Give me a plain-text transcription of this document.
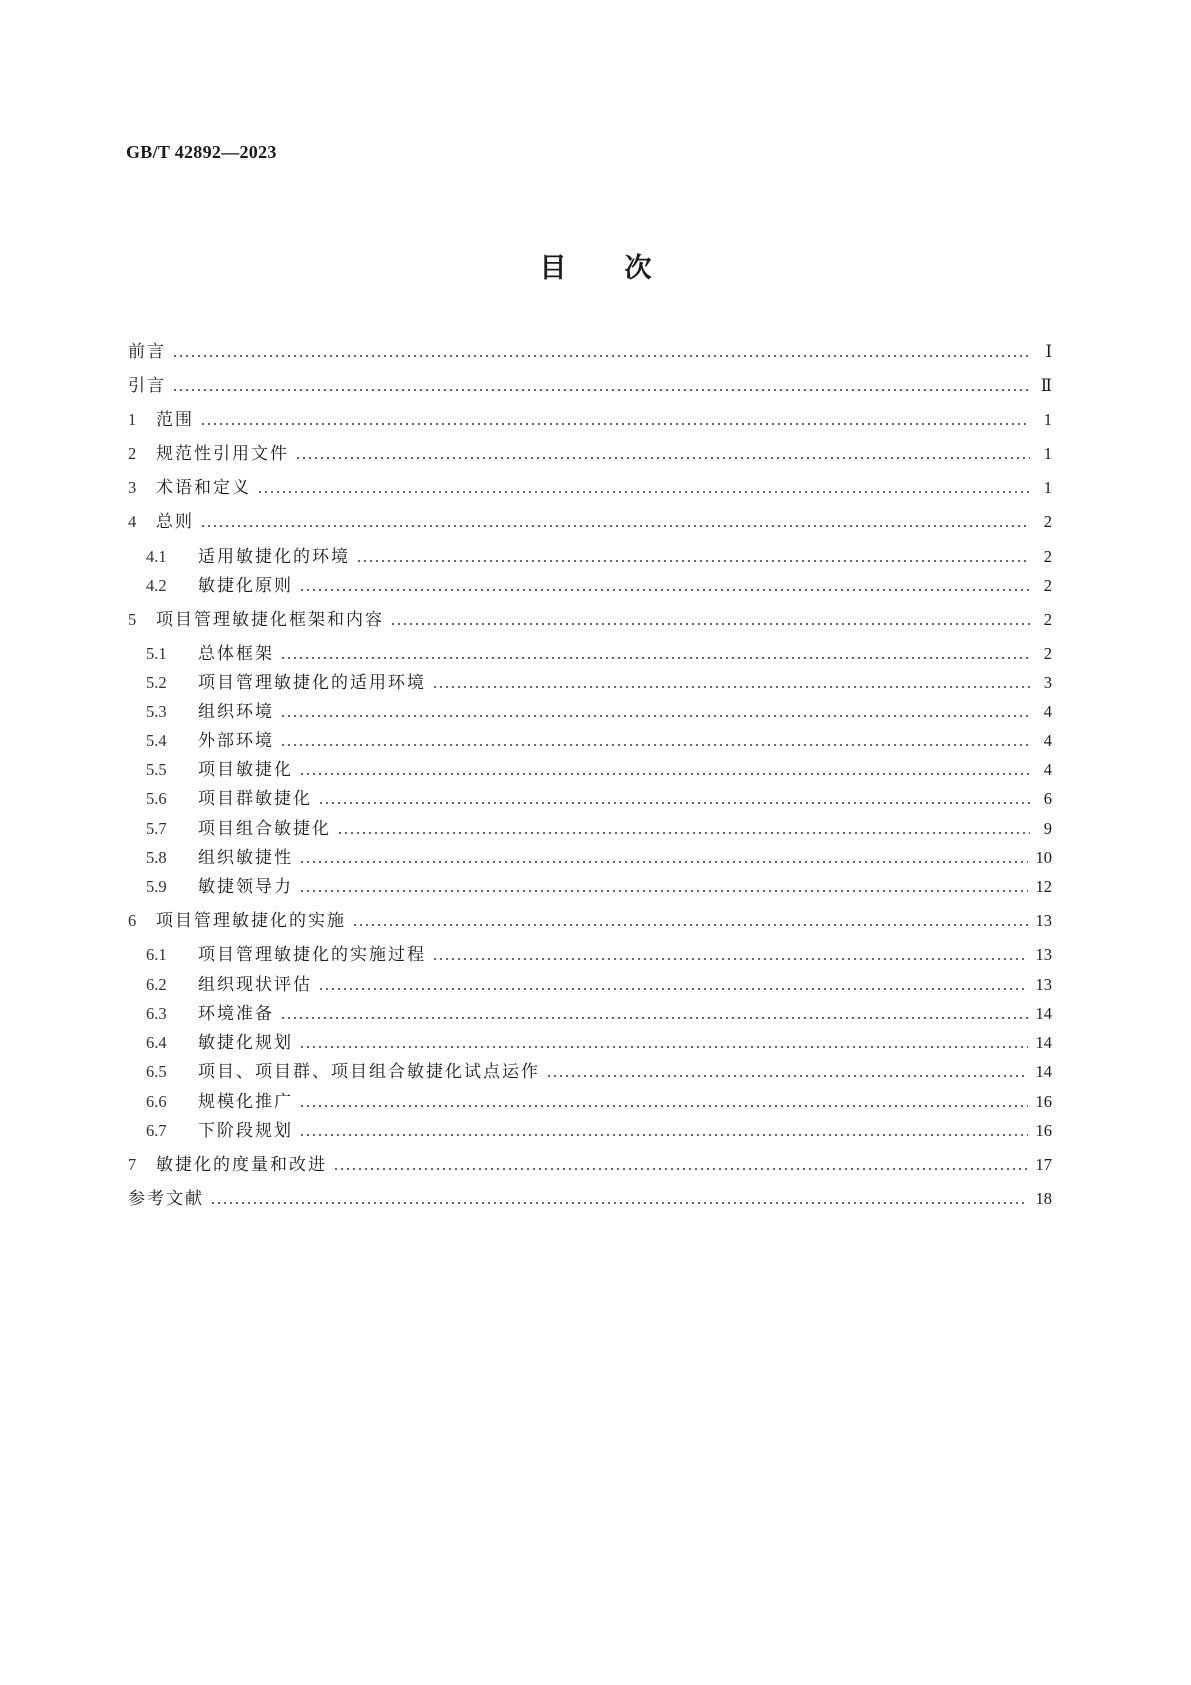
GB/T 42892—2023
目次
前言	Ⅰ
引言	Ⅱ
1	范围	1
2	规范性引用文件	1
3	术语和定义	1
4	总则	2
4.1	适用敏捷化的环境	2
4.2	敏捷化原则	2
5	项目管理敏捷化框架和内容	2
5.1	总体框架	2
5.2	项目管理敏捷化的适用环境	3
5.3	组织环境	4
5.4	外部环境	4
5.5	项目敏捷化	4
5.6	项目群敏捷化	6
5.7	项目组合敏捷化	9
5.8	组织敏捷性	10
5.9	敏捷领导力	12
6	项目管理敏捷化的实施	13
6.1	项目管理敏捷化的实施过程	13
6.2	组织现状评估	13
6.3	环境准备	14
6.4	敏捷化规划	14
6.5	项目、项目群、项目组合敏捷化试点运作	14
6.6	规模化推广	16
6.7	下阶段规划	16
7	敏捷化的度量和改进	17
参考文献	18
